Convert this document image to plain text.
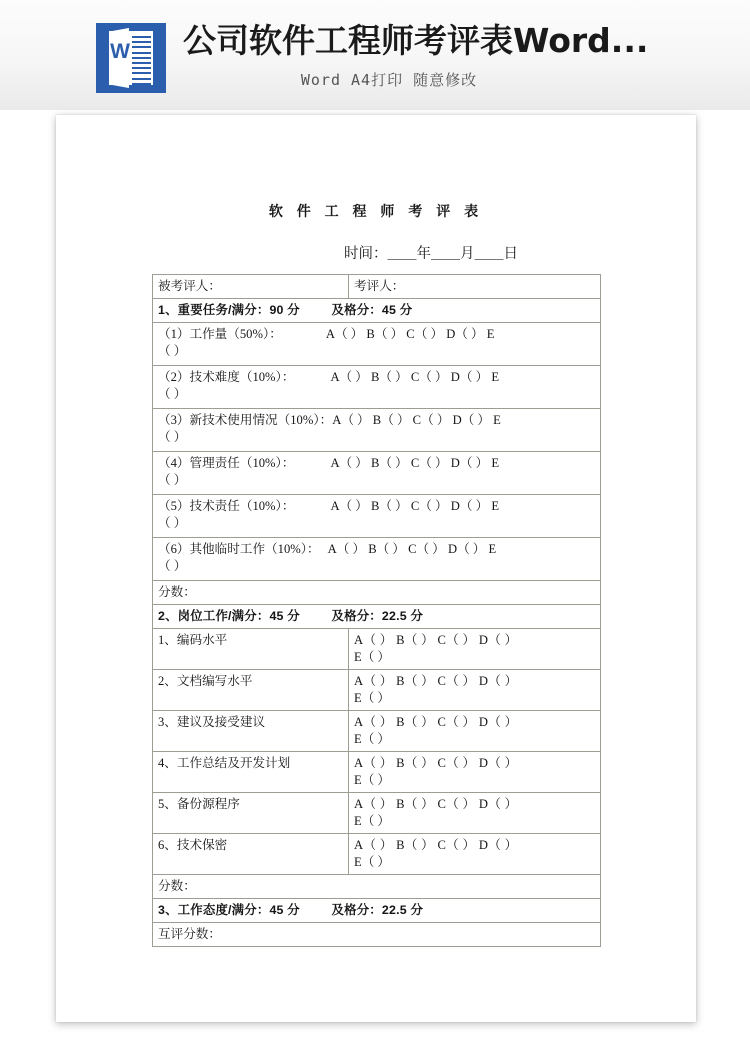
W 公司软件工程师考评表Word...
Word A4打印 随意修改
软 件 工 程 师 考 评 表
时间：＿＿年＿＿月＿＿日
被考评人：	考评人：
1、重要任务/满分：90 分 及格分：45 分	

（1）工作量（50%）： A（ ） B（ ） C（ ） D（ ） E
（ ）	

（2）技术难度（10%）： A（ ） B（ ） C（ ） D（ ） E
（ ）	

（3）新技术使用情况（10%）： A（ ） B（ ） C（ ） D（ ） E
（ ）	

（4）管理责任（10%）： A（ ） B（ ） C（ ） D（ ） E
（ ）	

（5）技术责任（10%）： A（ ） B（ ） C（ ） D（ ） E
（ ）	

（6）其他临时工作（10%）： A（ ） B（ ） C（ ） D（ ） E
（ ）	

分数：	
2、岗位工作/满分：45 分 及格分：22.5 分	
1、编码水平	A（ ） B（ ） C（ ） D（ ）
E（ ）

2、文档编写水平	A（ ） B（ ） C（ ） D（ ）
E（ ）

3、建议及接受建议	A（ ） B（ ） C（ ） D（ ）
E（ ）

4、工作总结及开发计划	A（ ） B（ ） C（ ） D（ ）
E（ ）

5、备份源程序	A（ ） B（ ） C（ ） D（ ）
E（ ）

6、技术保密	A（ ） B（ ） C（ ） D（ ）
E（ ）

分数：	
3、工作态度/满分：45 分 及格分：22.5 分	
互评分数：	
